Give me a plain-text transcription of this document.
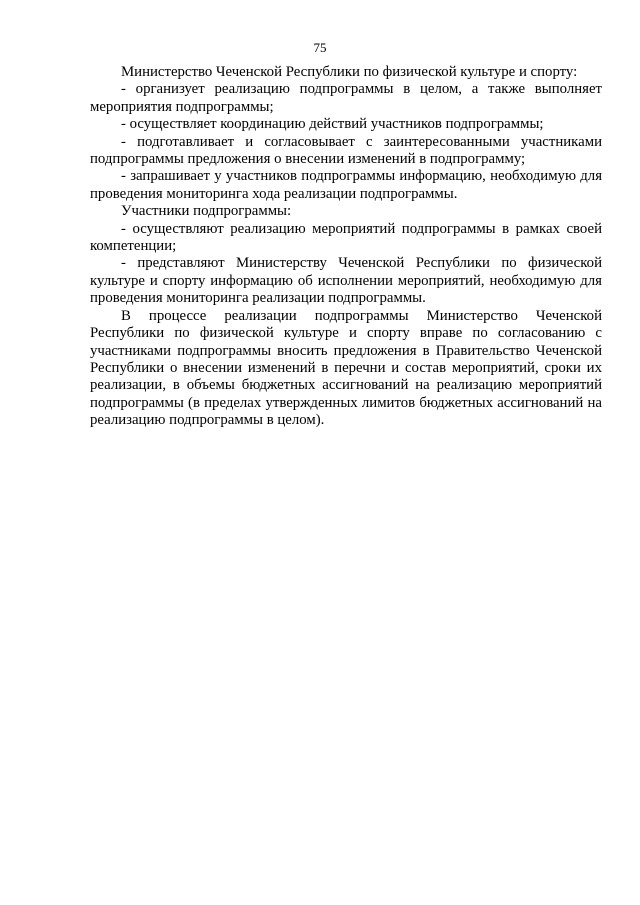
75

Министерство Чеченской Республики по физической культуре и спорту:

- организует реализацию подпрограммы в целом, а также выполняет мероприятия подпрограммы;

- осуществляет координацию действий участников подпрограммы;

- подготавливает и согласовывает с заинтересованными участниками подпрограммы предложения о внесении изменений в подпрограмму;

- запрашивает у участников подпрограммы информацию, необходимую для проведения мониторинга хода реализации подпрограммы.

Участники подпрограммы:

- осуществляют реализацию мероприятий подпрограммы в рамках своей компетенции;

- представляют Министерству Чеченской Республики по физической культуре и спорту информацию об исполнении мероприятий, необходимую для проведения мониторинга реализации подпрограммы.

В процессе реализации подпрограммы Министерство Чеченской Республики по физической культуре и спорту вправе по согласованию с участниками подпрограммы вносить предложения в Правительство Чеченской Республики о внесении изменений в перечни и состав мероприятий, сроки их реализации, в объемы бюджетных ассигнований на реализацию мероприятий подпрограммы (в пределах утвержденных лимитов бюджетных ассигнований на реализацию подпрограммы в целом).
